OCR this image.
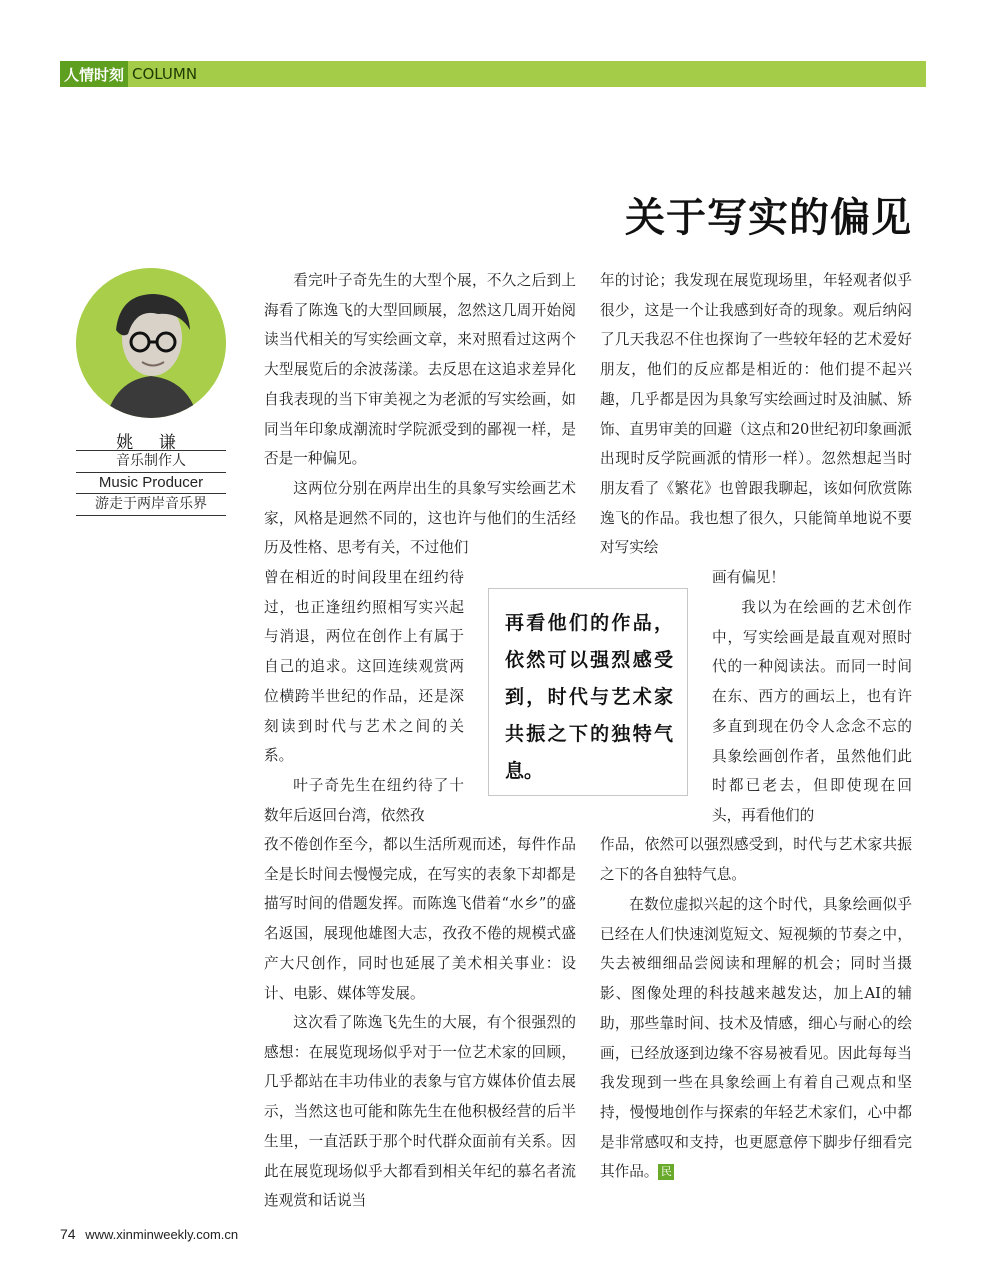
人情时刻 COLUMN
关于写实的偏见
姚 谦
音乐制作人
Music Producer
游走于两岸音乐界

看完叶子奇先生的大型个展，不久之后到上海看了陈逸飞的大型回顾展，忽然这几周开始阅读当代相关的写实绘画文章，来对照看过这两个大型展览后的余波荡漾。去反思在这追求差异化自我表现的当下审美视之为老派的写实绘画，如同当年印象成潮流时学院派受到的鄙视一样，是否是一种偏见。

这两位分别在两岸出生的具象写实绘画艺术家，风格是迥然不同的，这也许与他们的生活经历及性格、思考有关，不过他们

曾在相近的时间段里在纽约待过，也正逢纽约照相写实兴起与消退，两位在创作上有属于自己的追求。这回连续观赏两位横跨半世纪的作品，还是深刻读到时代与艺术之间的关系。

叶子奇先生在纽约待了十数年后返回台湾，依然孜

孜不倦创作至今，都以生活所观而述，每件作品全是长时间去慢慢完成，在写实的表象下却都是描写时间的借题发挥。而陈逸飞借着“水乡”的盛名返国，展现他雄图大志，孜孜不倦的规模式盛产大尺创作，同时也延展了美术相关事业：设计、电影、媒体等发展。

这次看了陈逸飞先生的大展，有个很强烈的感想：在展览现场似乎对于一位艺术家的回顾，几乎都站在丰功伟业的表象与官方媒体价值去展示，当然这也可能和陈先生在他积极经营的后半生里，一直活跃于那个时代群众面前有关系。因此在展览现场似乎大都看到相关年纪的慕名者流连观赏和话说当

年的讨论；我发现在展览现场里，年轻观者似乎很少，这是一个让我感到好奇的现象。观后纳闷了几天我忍不住也探询了一些较年轻的艺术爱好朋友，他们的反应都是相近的：他们提不起兴趣，几乎都是因为具象写实绘画过时及油腻、矫饰、直男审美的回避（这点和20世纪初印象画派出现时反学院画派的情形一样）。忽然想起当时朋友看了《繁花》也曾跟我聊起，该如何欣赏陈逸飞的作品。我也想了很久，只能简单地说不要对写实绘

画有偏见！

我以为在绘画的艺术创作中，写实绘画是最直观对照时代的一种阅读法。而同一时间在东、西方的画坛上，也有许多直到现在仍令人念念不忘的具象绘画创作者，虽然他们此时都已老去，但即使现在回头，再看他们的

作品，依然可以强烈感受到，时代与艺术家共振之下的各自独特气息。

在数位虚拟兴起的这个时代，具象绘画似乎已经在人们快速浏览短文、短视频的节奏之中，失去被细细品尝阅读和理解的机会；同时当摄影、图像处理的科技越来越发达，加上AI的辅助，那些靠时间、技术及情感，细心与耐心的绘画，已经放逐到边缘不容易被看见。因此每每当我发现到一些在具象绘画上有着自己观点和坚持，慢慢地创作与探索的年轻艺术家们，心中都是非常感叹和支持，也更愿意停下脚步仔细看完其作品。 民

再看他们的作品，依然可以强烈感受到，时代与艺术家共振之下的独特气息。

74 www.xinminweekly.com.cn
